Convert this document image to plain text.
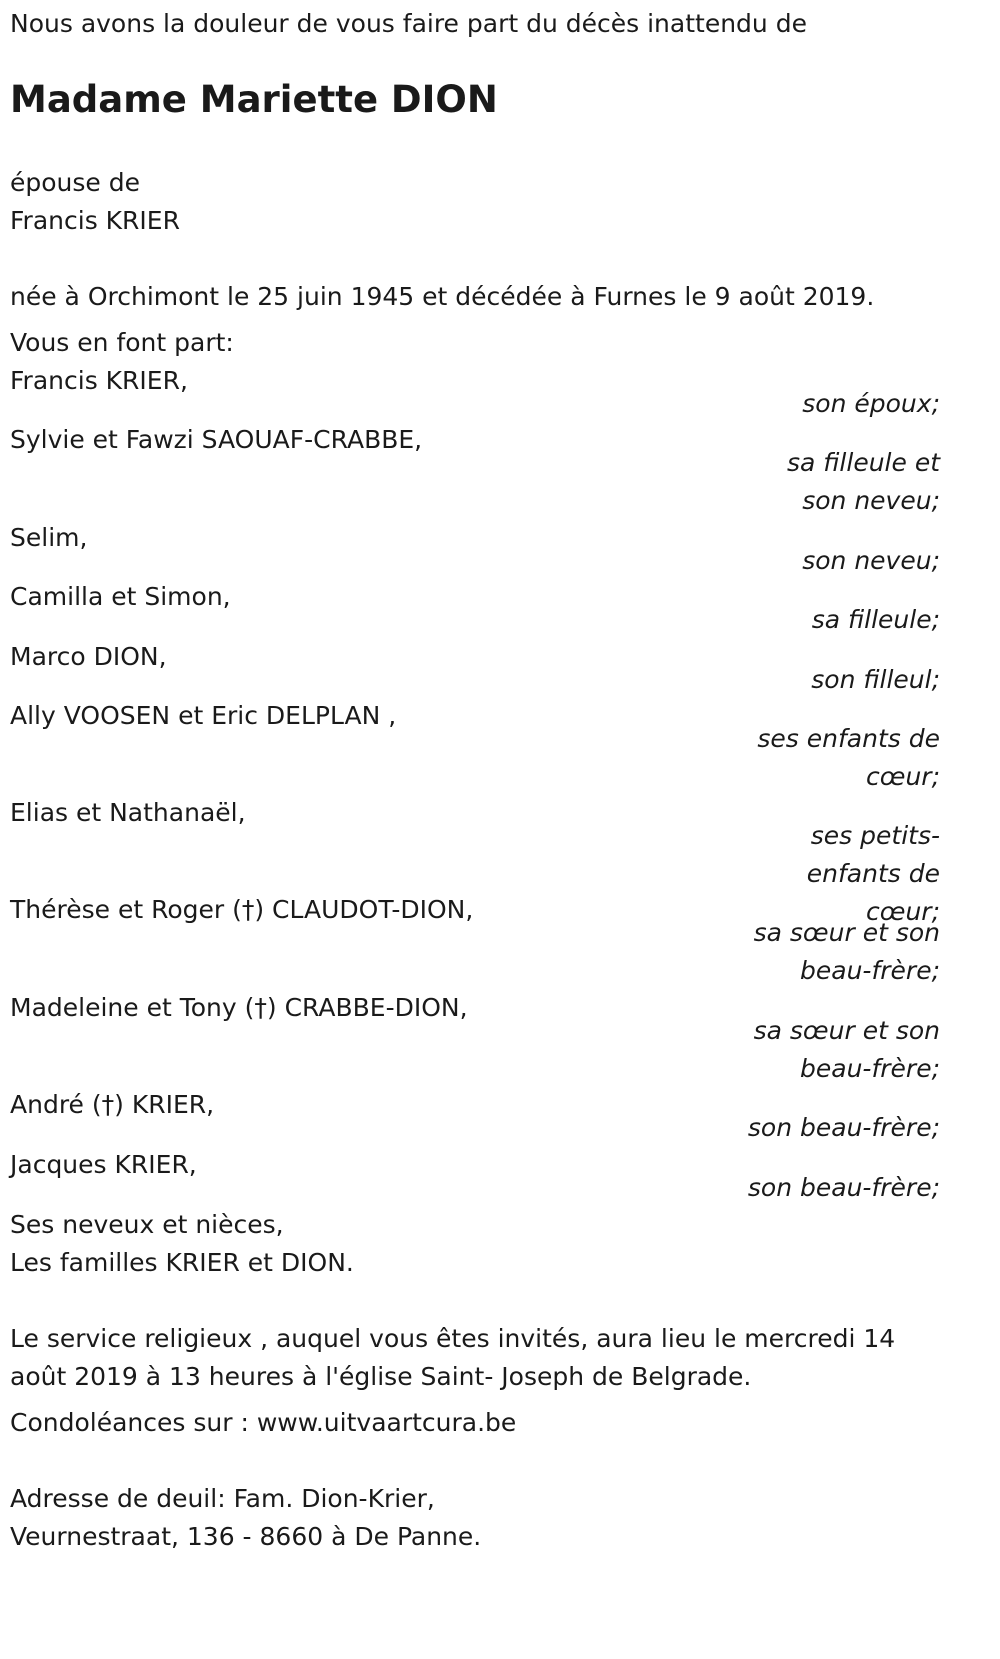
Nous avons la douleur de vous faire part du décès inattendu de
Madame Mariette DION
épouse de
Francis KRIER
née à Orchimont le 25 juin 1945 et décédée à Furnes le 9 août 2019.
Vous en font part:
Francis KRIER,
son époux;
Sylvie et Fawzi SAOUAF-CRABBE,
sa filleule et son neveu;
Selim,
son neveu;
Camilla et Simon,
sa filleule;
Marco DION,
son filleul;
Ally VOOSEN et Eric DELPLAN ,
ses enfants de cœur;
Elias et Nathanaël,
ses petits-enfants de cœur;
Thérèse et Roger (†) CLAUDOT-DION,
sa sœur et son beau-frère;
Madeleine et Tony (†) CRABBE-DION,
sa sœur et son beau-frère;
André (†) KRIER,
son beau-frère;
Jacques KRIER,
son beau-frère;
Ses neveux et nièces,
Les familles KRIER et DION.
Le service religieux , auquel vous êtes invités, aura lieu le mercredi 14 août 2019 à 13 heures à l'église Saint- Joseph de Belgrade.
Condoléances sur : www.uitvaartcura.be
Adresse de deuil: Fam. Dion-Krier,
Veurnestraat, 136 - 8660 à De Panne.
